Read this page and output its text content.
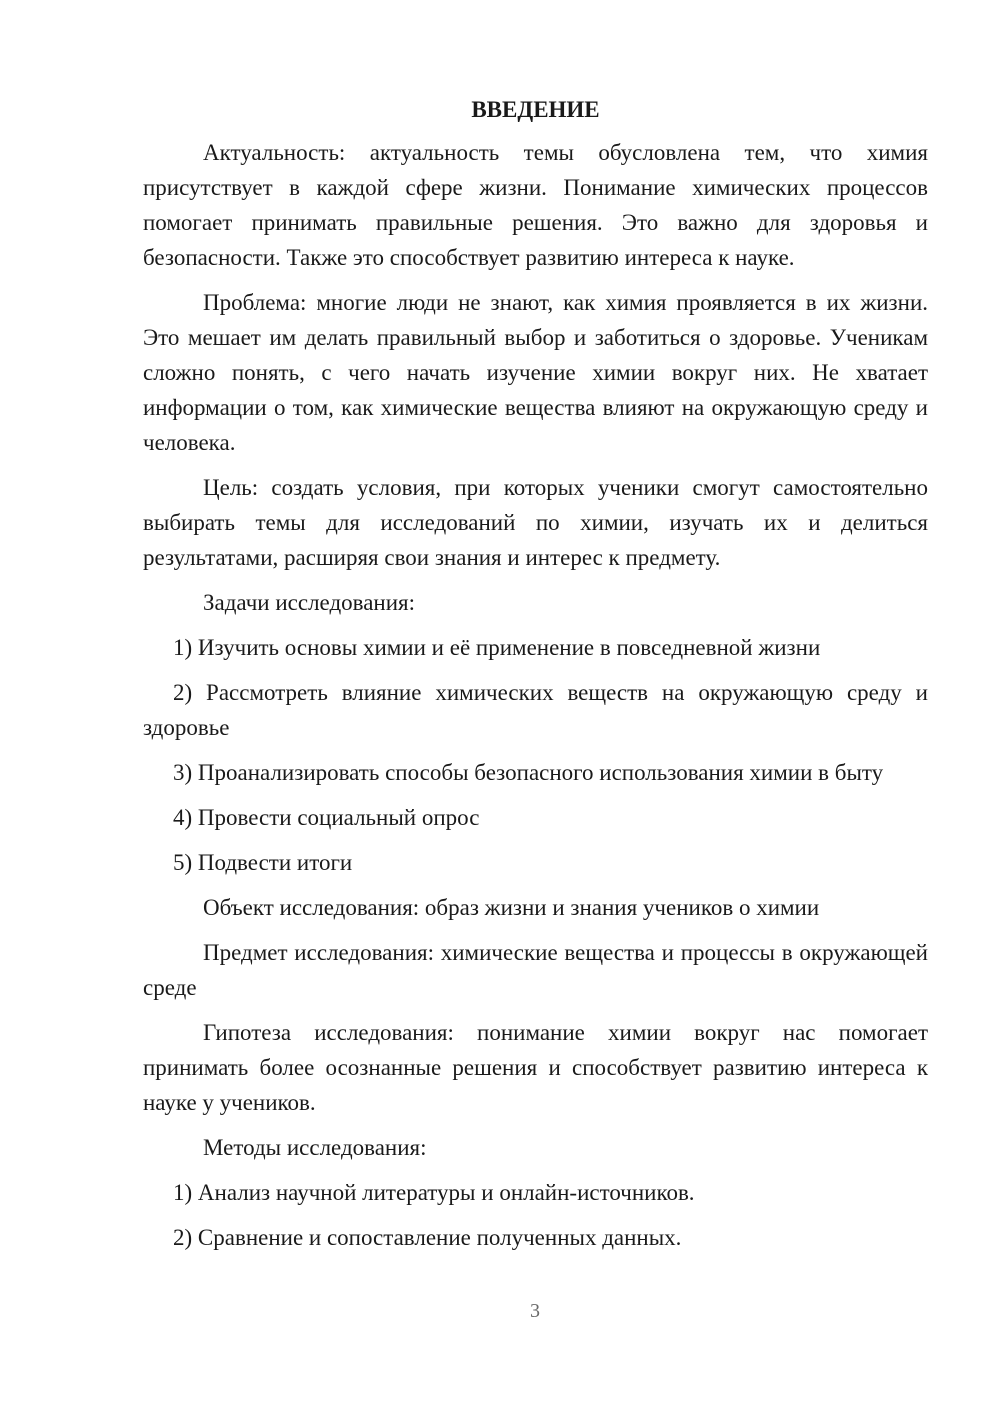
ВВЕДЕНИЕ

Актуальность: актуальность темы обусловлена тем, что химия присутствует в каждой сфере жизни. Понимание химических процессов помогает принимать правильные решения. Это важно для здоровья и безопасности. Также это способствует развитию интереса к науке.

Проблема: многие люди не знают, как химия проявляется в их жизни. Это мешает им делать правильный выбор и заботиться о здоровье. Ученикам сложно понять, с чего начать изучение химии вокруг них. Не хватает информации о том, как химические вещества влияют на окружающую среду и человека.

Цель: создать условия, при которых ученики смогут самостоятельно выбирать темы для исследований по химии, изучать их и делиться результатами, расширяя свои знания и интерес к предмету.

Задачи исследования:

1) Изучить основы химии и её применение в повседневной жизни

2) Рассмотреть влияние химических веществ на окружающую среду и здоровье

3) Проанализировать способы безопасного использования химии в быту

4) Провести социальный опрос

5) Подвести итоги

Объект исследования: образ жизни и знания учеников о химии

Предмет исследования: химические вещества и процессы в окружающей среде

Гипотеза исследования: понимание химии вокруг нас помогает принимать более осознанные решения и способствует развитию интереса к науке у учеников.

Методы исследования:

1) Анализ научной литературы и онлайн-источников.

2) Сравнение и сопоставление полученных данных.

3
